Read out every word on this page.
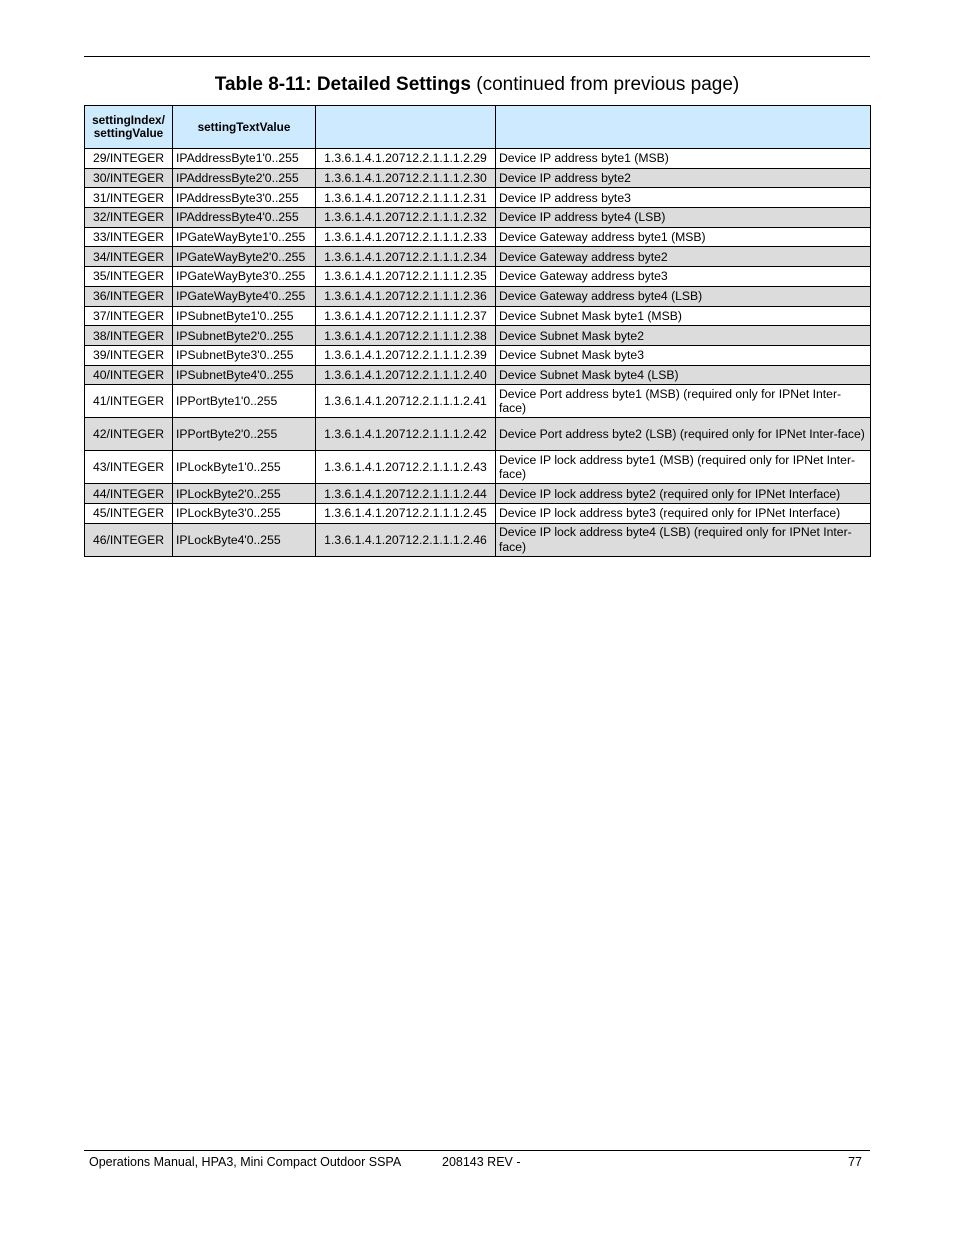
Table 8-11: Detailed Settings (continued from previous page)
settingIndex/ settingValue	settingTextValue		
29/INTEGER	IPAddressByte1'0..255	1.3.6.1.4.1.20712.2.1.1.1.2.29	Device IP address byte1 (MSB)
30/INTEGER	IPAddressByte2'0..255	1.3.6.1.4.1.20712.2.1.1.1.2.30	Device IP address byte2
31/INTEGER	IPAddressByte3'0..255	1.3.6.1.4.1.20712.2.1.1.1.2.31	Device IP address byte3
32/INTEGER	IPAddressByte4'0..255	1.3.6.1.4.1.20712.2.1.1.1.2.32	Device IP address byte4 (LSB)
33/INTEGER	IPGateWayByte1'0..255	1.3.6.1.4.1.20712.2.1.1.1.2.33	Device Gateway address byte1 (MSB)
34/INTEGER	IPGateWayByte2'0..255	1.3.6.1.4.1.20712.2.1.1.1.2.34	Device Gateway address byte2
35/INTEGER	IPGateWayByte3'0..255	1.3.6.1.4.1.20712.2.1.1.1.2.35	Device Gateway address byte3
36/INTEGER	IPGateWayByte4'0..255	1.3.6.1.4.1.20712.2.1.1.1.2.36	Device Gateway address byte4 (LSB)
37/INTEGER	IPSubnetByte1'0..255	1.3.6.1.4.1.20712.2.1.1.1.2.37	Device Subnet Mask byte1 (MSB)
38/INTEGER	IPSubnetByte2'0..255	1.3.6.1.4.1.20712.2.1.1.1.2.38	Device Subnet Mask byte2
39/INTEGER	IPSubnetByte3'0..255	1.3.6.1.4.1.20712.2.1.1.1.2.39	Device Subnet Mask byte3
40/INTEGER	IPSubnetByte4'0..255	1.3.6.1.4.1.20712.2.1.1.1.2.40	Device Subnet Mask byte4 (LSB)
41/INTEGER	IPPortByte1'0..255	1.3.6.1.4.1.20712.2.1.1.1.2.41	Device Port address byte1 (MSB) (required only for IPNet Inter-face)
42/INTEGER	IPPortByte2'0..255	1.3.6.1.4.1.20712.2.1.1.1.2.42	Device Port address byte2 (LSB) (required only for IPNet Inter-face)
43/INTEGER	IPLockByte1'0..255	1.3.6.1.4.1.20712.2.1.1.1.2.43	Device IP lock address byte1 (MSB) (required only for IPNet Inter-face)
44/INTEGER	IPLockByte2'0..255	1.3.6.1.4.1.20712.2.1.1.1.2.44	Device IP lock address byte2 (required only for IPNet Interface)
45/INTEGER	IPLockByte3'0..255	1.3.6.1.4.1.20712.2.1.1.1.2.45	Device IP lock address byte3 (required only for IPNet Interface)
46/INTEGER	IPLockByte4'0..255	1.3.6.1.4.1.20712.2.1.1.1.2.46	Device IP lock address byte4 (LSB) (required only for IPNet Inter-face)
Operations Manual, HPA3, Mini Compact Outdoor SSPA	208143 REV -	77
